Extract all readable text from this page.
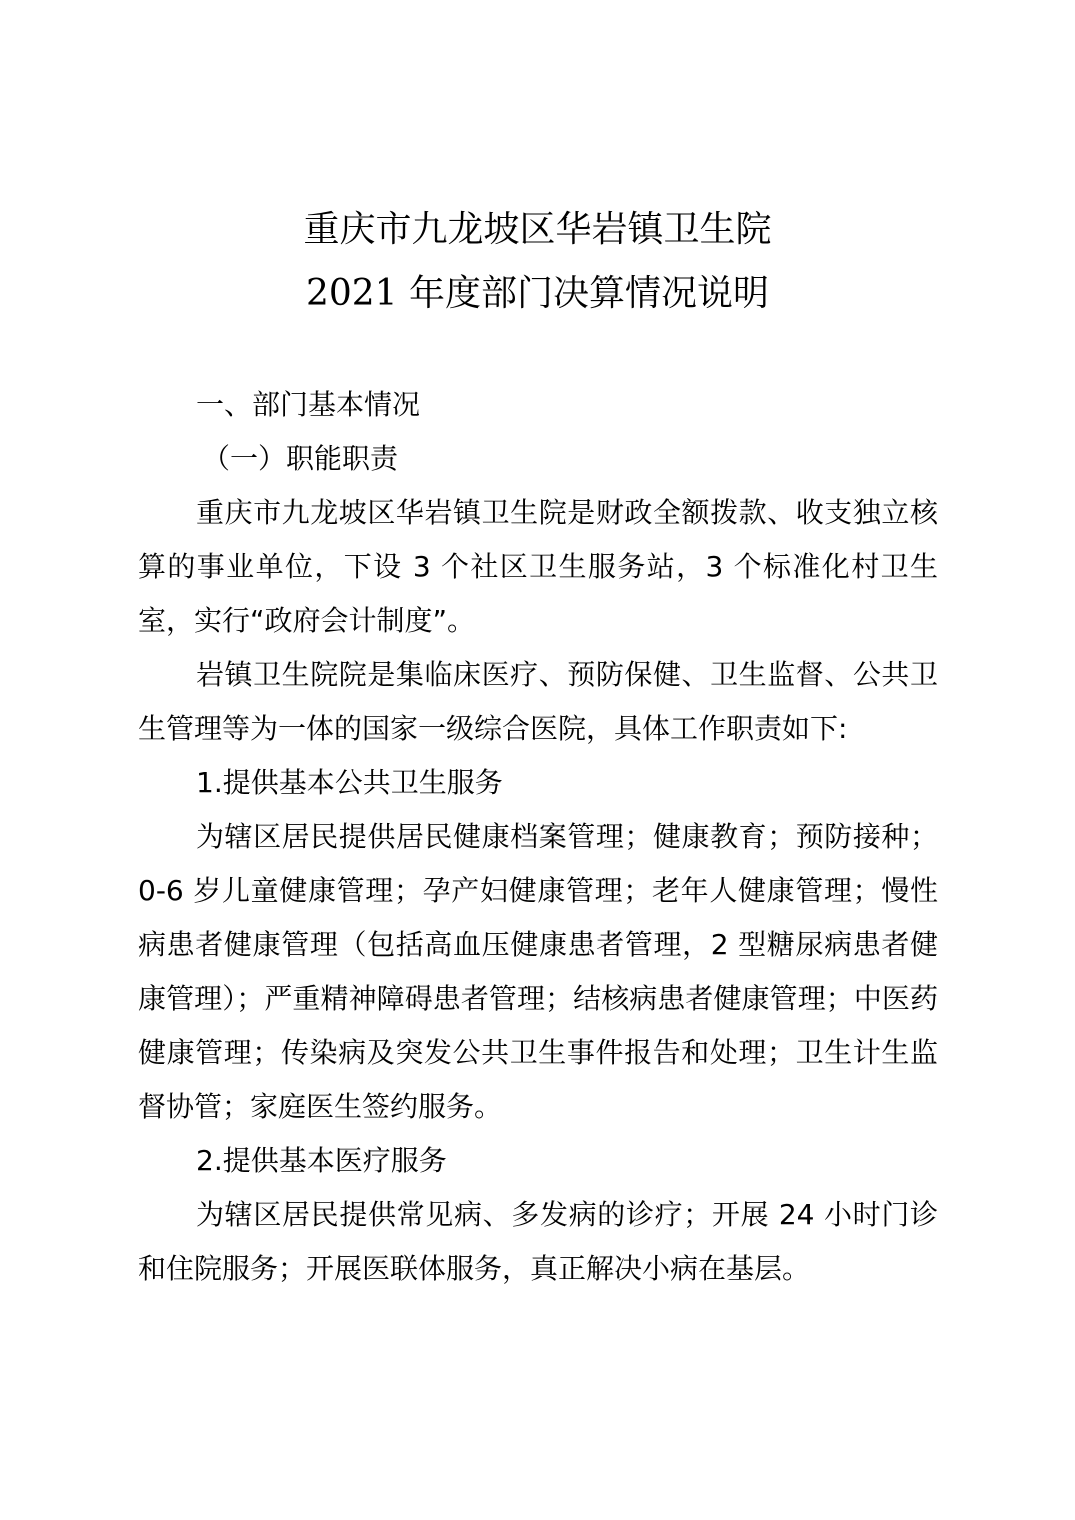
重庆市九龙坡区华岩镇卫生院
2021 年度部门决算情况说明

一、部门基本情况

（一）职能职责

重庆市九龙坡区华岩镇卫生院是财政全额拨款、收支独立核算的事业单位，下设 3 个社区卫生服务站，3 个标准化村卫生室，实行“政府会计制度”。

岩镇卫生院院是集临床医疗、预防保健、卫生监督、公共卫生管理等为一体的国家一级综合医院，具体工作职责如下:

1.提供基本公共卫生服务

为辖区居民提供居民健康档案管理；健康教育；预防接种；0-6 岁儿童健康管理；孕产妇健康管理；老年人健康管理；慢性病患者健康管理（包括高血压健康患者管理，2 型糖尿病患者健康管理）；严重精神障碍患者管理；结核病患者健康管理；中医药健康管理；传染病及突发公共卫生事件报告和处理；卫生计生监督协管；家庭医生签约服务。

2.提供基本医疗服务

为辖区居民提供常见病、多发病的诊疗；开展 24 小时门诊和住院服务；开展医联体服务，真正解决小病在基层。
